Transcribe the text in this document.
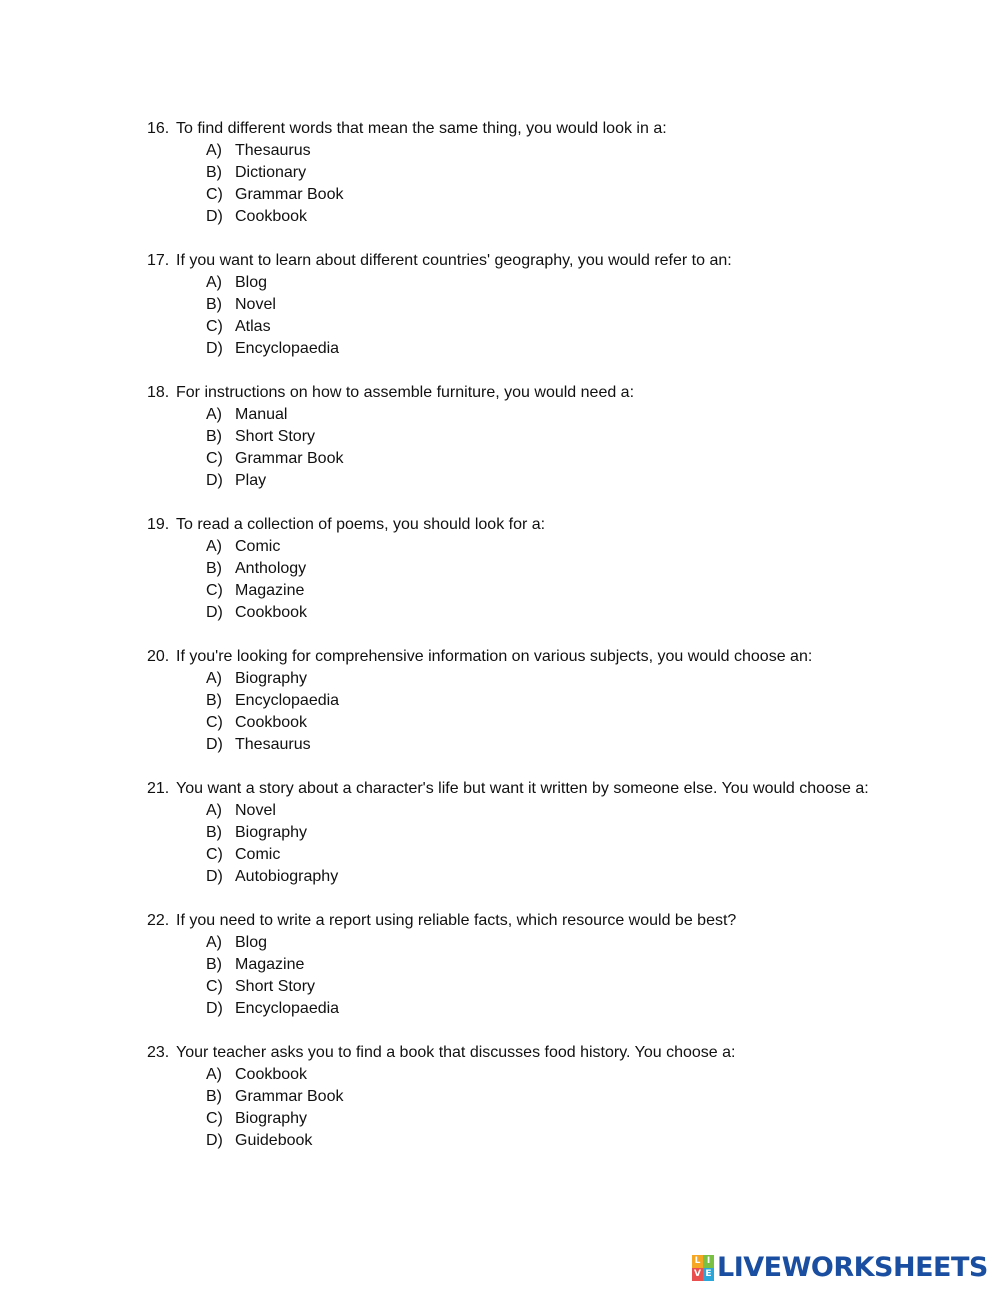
16. To find different words that mean the same thing, you would look in a:
A) Thesaurus
B) Dictionary
C) Grammar Book
D) Cookbook
17. If you want to learn about different countries' geography, you would refer to an:
A) Blog
B) Novel
C) Atlas
D) Encyclopaedia
18. For instructions on how to assemble furniture, you would need a:
A) Manual
B) Short Story
C) Grammar Book
D) Play
19. To read a collection of poems, you should look for a:
A) Comic
B) Anthology
C) Magazine
D) Cookbook
20. If you're looking for comprehensive information on various subjects, you would choose an:
A) Biography
B) Encyclopaedia
C) Cookbook
D) Thesaurus
21. You want a story about a character's life but want it written by someone else. You would choose a:
A) Novel
B) Biography
C) Comic
D) Autobiography
22. If you need to write a report using reliable facts, which resource would be best?
A) Blog
B) Magazine
C) Short Story
D) Encyclopaedia
23. Your teacher asks you to find a book that discusses food history. You choose a:
A) Cookbook
B) Grammar Book
C) Biography
D) Guidebook
L I
V E LIVEWORKSHEETS
